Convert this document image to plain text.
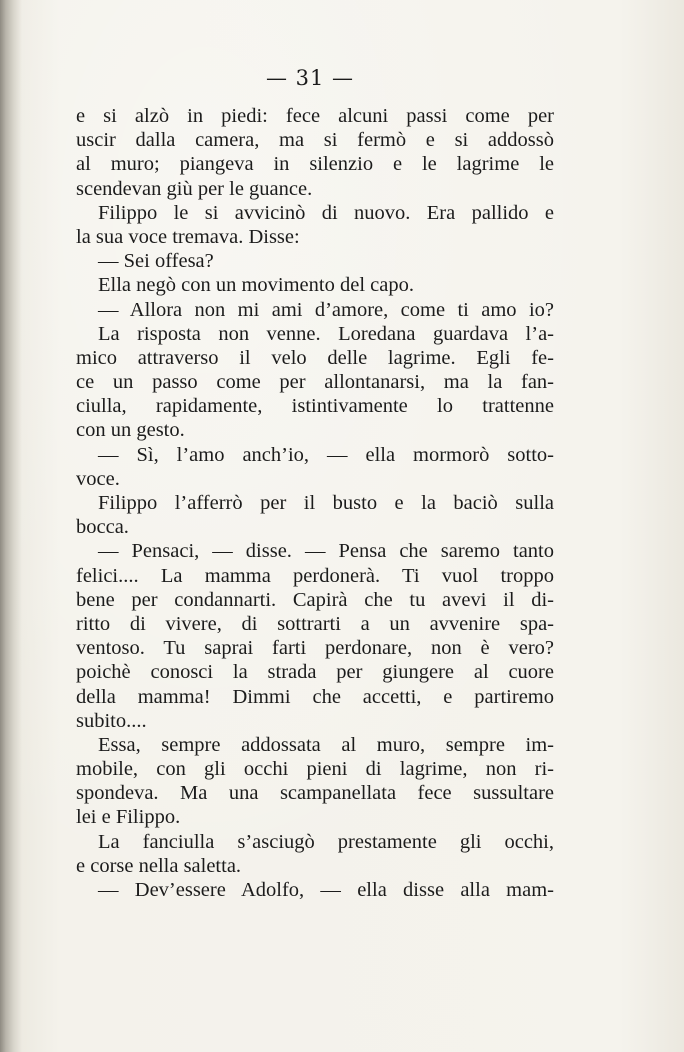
— 31 —
e si alzò in piedi: fece alcuni passi come per
uscir dalla camera, ma si fermò e si addossò
al muro; piangeva in silenzio e le lagrime le
scendevan giù per le guance.
Filippo le si avvicinò di nuovo. Era pallido e
la sua voce tremava. Disse:
— Sei offesa?
Ella negò con un movimento del capo.
— Allora non mi ami d’amore, come ti amo io?
La risposta non venne. Loredana guardava l’a-
mico attraverso il velo delle lagrime. Egli fe-
ce un passo come per allontanarsi, ma la fan-
ciulla, rapidamente, istintivamente lo trattenne
con un gesto.
— Sì, l’amo anch’io, — ella mormorò sotto-
voce.
Filippo l’afferrò per il busto e la baciò sulla
bocca.
— Pensaci, — disse. — Pensa che saremo tanto
felici.... La mamma perdonerà. Ti vuol troppo
bene per condannarti. Capirà che tu avevi il di-
ritto di vivere, di sottrarti a un avvenire spa-
ventoso. Tu saprai farti perdonare, non è vero?
poichè conosci la strada per giungere al cuore
della mamma! Dimmi che accetti, e partiremo
subito....
Essa, sempre addossata al muro, sempre im-
mobile, con gli occhi pieni di lagrime, non ri-
spondeva. Ma una scampanellata fece sussultare
lei e Filippo.
La fanciulla s’asciugò prestamente gli occhi,
e corse nella saletta.
— Dev’essere Adolfo, — ella disse alla mam-
